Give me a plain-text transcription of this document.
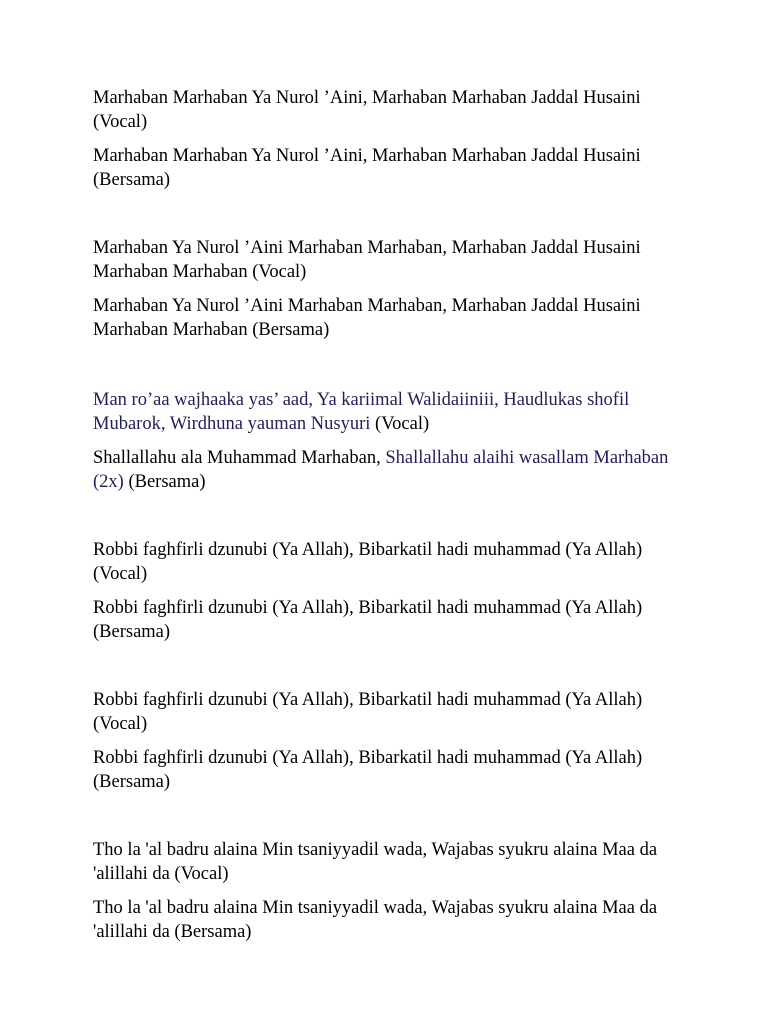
Marhaban Marhaban Ya Nurol ’Aini, Marhaban Marhaban Jaddal Husaini (Vocal)

Marhaban Marhaban Ya Nurol ’Aini, Marhaban Marhaban Jaddal Husaini (Bersama)

Marhaban Ya Nurol ’Aini Marhaban Marhaban, Marhaban Jaddal Husaini Marhaban Marhaban (Vocal)

Marhaban Ya Nurol ’Aini Marhaban Marhaban, Marhaban Jaddal Husaini Marhaban Marhaban (Bersama)

Man ro’aa wajhaaka yas’ aad, Ya kariimal Walidaiiniii, Haudlukas shofil Mubarok, Wirdhuna yauman Nusyuri (Vocal)

Shallallahu ala Muhammad Marhaban, Shallallahu alaihi wasallam Marhaban (2x) (Bersama)

Robbi faghfirli dzunubi (Ya Allah), Bibarkatil hadi muhammad (Ya Allah) (Vocal)

Robbi faghfirli dzunubi (Ya Allah), Bibarkatil hadi muhammad (Ya Allah) (Bersama)

Robbi faghfirli dzunubi (Ya Allah), Bibarkatil hadi muhammad (Ya Allah) (Vocal)

Robbi faghfirli dzunubi (Ya Allah), Bibarkatil hadi muhammad (Ya Allah) (Bersama)

Tho la 'al badru alaina Min tsaniyyadil wada, Wajabas syukru alaina Maa da 'alillahi da (Vocal)

Tho la 'al badru alaina Min tsaniyyadil wada, Wajabas syukru alaina Maa da 'alillahi da (Bersama)
